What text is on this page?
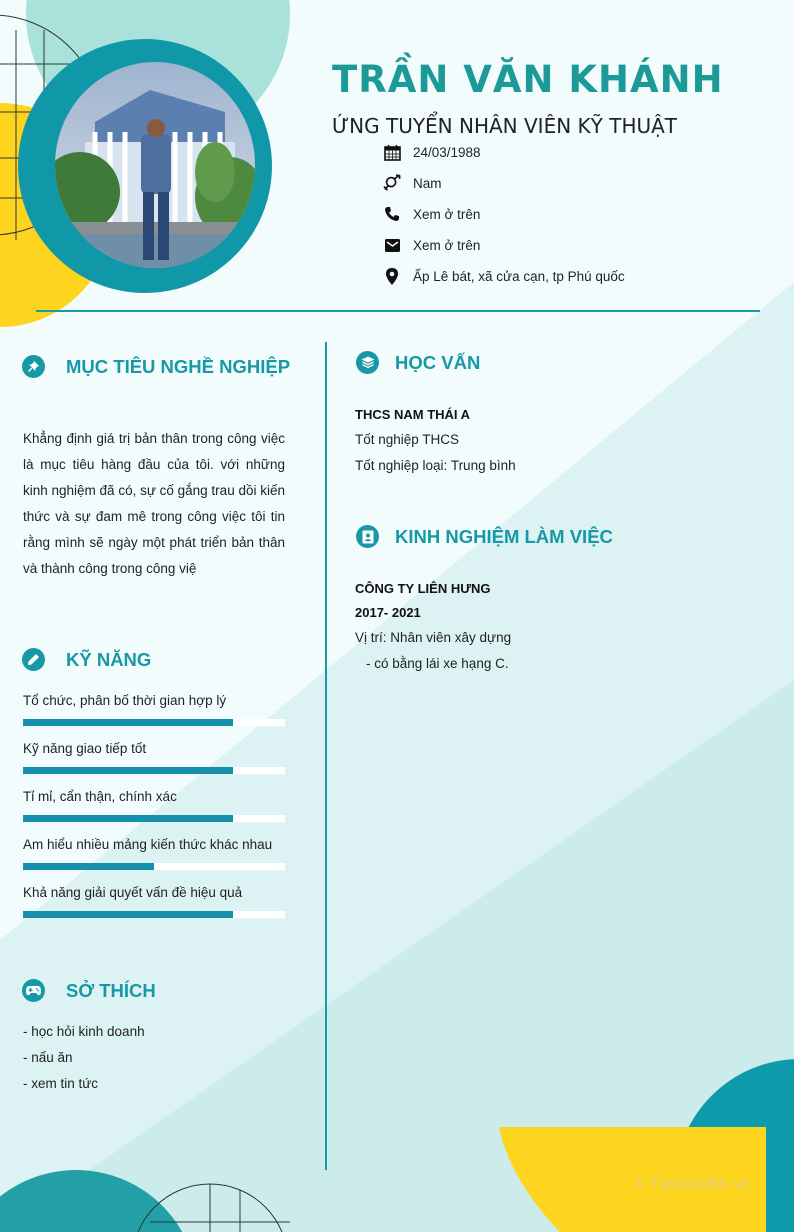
TRẦN VĂN KHÁNH
ỨNG TUYỂN NHÂN VIÊN KỸ THUẬT
24/03/1988
Nam
Xem ở trên
Xem ở trên
Ấp Lê bát, xã cửa cạn, tp Phú quốc
MỤC TIÊU NGHỀ NGHIỆP
Khẳng định giá trị bản thân trong công việc là mục tiêu hàng đầu của tôi. với những kinh nghiệm đã có, sự cố gắng trau dồi kiến thức và sự đam mê trong công việc tôi tin rằng mình sẽ ngày một phát triển bản thân và thành công trong công việ
KỸ NĂNG
Tổ chức, phân bố thời gian hợp lý
Kỹ năng giao tiếp tốt
Tỉ mỉ, cẩn thận, chính xác
Am hiểu nhiều mảng kiến thức khác nhau
Khả năng giải quyết vấn đề hiệu quả
SỞ THÍCH
- học hỏi kinh doanh
- nấu ăn
- xem tin tức
HỌC VẤN
THCS NAM THÁI A
Tốt nghiệp THCS
Tốt nghiệp loại: Trung bình
KINH NGHIỆM LÀM VIỆC
CÔNG TY LIÊN HƯNG
2017- 2021
Vị trí: Nhân viên xây dựng
- có bằng lái xe hạng C.
© Timviec365.vn
